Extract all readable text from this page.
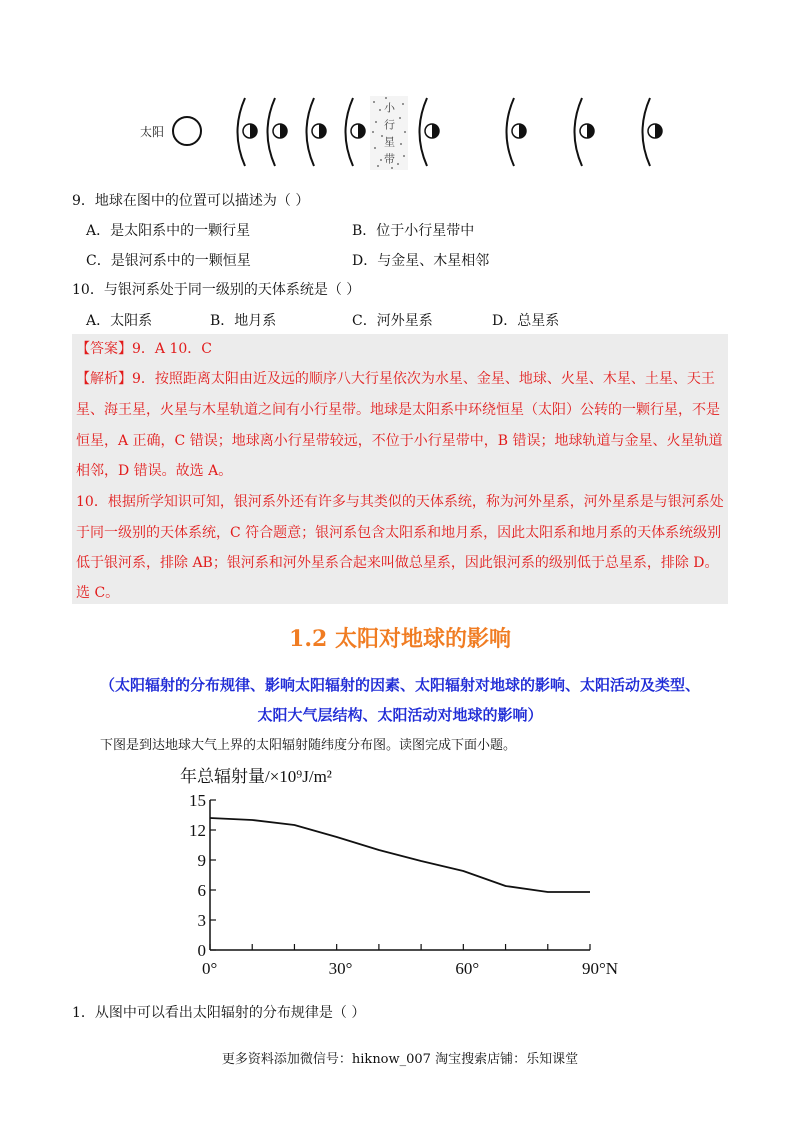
太阳	小行星带
9．地球在图中的位置可以描述为（ ）
A．是太阳系中的一颗行星	B．位于小行星带中
C．是银河系中的一颗恒星	D．与金星、木星相邻
10．与银河系处于同一级别的天体系统是（ ）
A．太阳系	B．地月系	C．河外星系	D．总星系
【答案】9．A 10．C
【解析】9．按照距离太阳由近及远的顺序八大行星依次为水星、金星、地球、火星、木星、土星、天王
星、海王星，火星与木星轨道之间有小行星带。地球是太阳系中环绕恒星（太阳）公转的一颗行星，不是
恒星，A 正确，C 错误；地球离小行星带较远，不位于小行星带中，B 错误；地球轨道与金星、火星轨道
相邻，D 错误。故选 A。
10．根据所学知识可知，银河系外还有许多与其类似的天体系统，称为河外星系，河外星系是与银河系处
于同一级别的天体系统，C 符合题意；银河系包含太阳系和地月系，因此太阳系和地月系的天体系统级别
低于银河系，排除 AB；银河系和河外星系合起来叫做总星系，因此银河系的级别低于总星系，排除 D。
选 C。
1.2 太阳对地球的影响
（太阳辐射的分布规律、影响太阳辐射的因素、太阳辐射对地球的影响、太阳活动及类型、
太阳大气层结构、太阳活动对地球的影响）
下图是到达地球大气上界的太阳辐射随纬度分布图。读图完成下面小题。
年总辐射量/×10⁹J/m²
0
3
6
9
12
15
0°	30°	60°	90°N
1．从图中可以看出太阳辐射的分布规律是（ ）
更多资料添加微信号：hiknow_007 淘宝搜索店铺：乐知课堂
